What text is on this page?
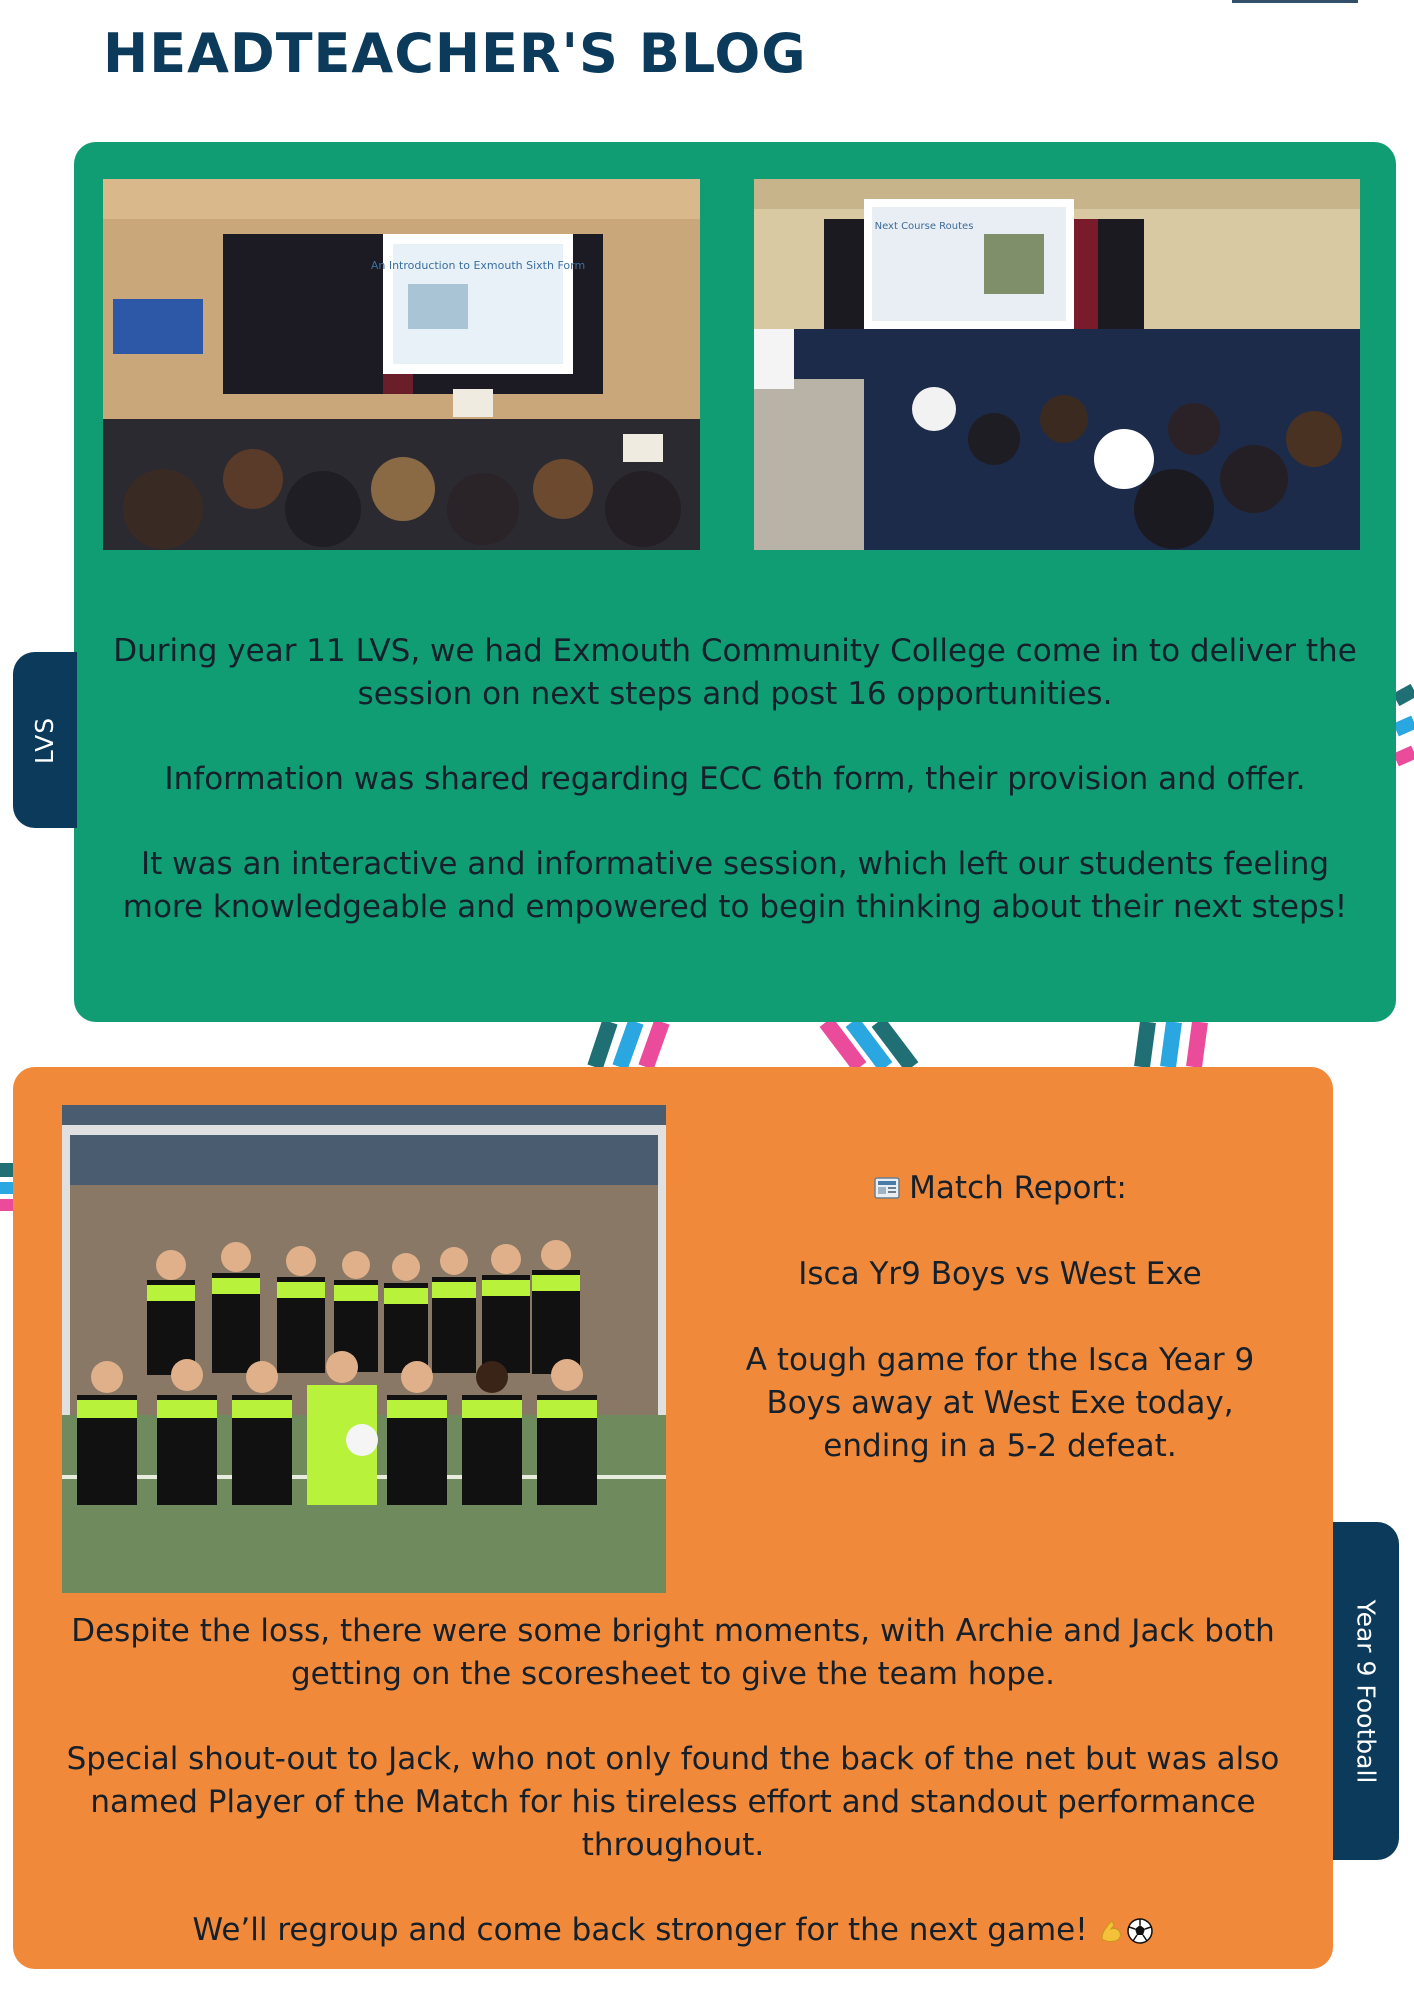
HEADTEACHER'S BLOG
An Introduction to Exmouth Sixth Form
Next Course Routes

During year 11 LVS, we had Exmouth Community College come in to deliver the session on next steps and post 16 opportunities.

Information was shared regarding ECC 6th form, their provision and offer.

It was an interactive and informative session, which left our students feeling more knowledgeable and empowered to begin thinking about their next steps!

LVS

Match Report:

Isca Yr9 Boys vs West Exe

A tough game for the Isca Year 9 Boys away at West Exe today, ending in a 5-2 defeat.

Despite the loss, there were some bright moments, with Archie and Jack both getting on the scoresheet to give the team hope.

Special shout-out to Jack, who not only found the back of the net but was also named Player of the Match for his tireless effort and standout performance throughout.

We’ll regroup and come back stronger for the next game!

Year 9 Football
